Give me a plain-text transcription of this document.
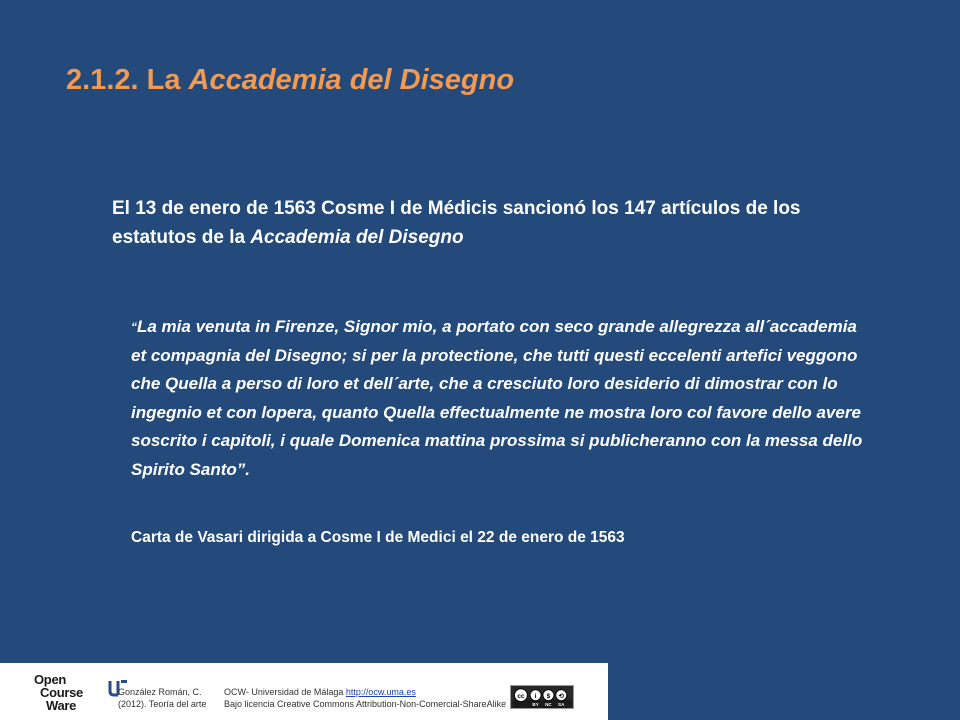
2.1.2. La Accademia del Disegno
El 13 de enero de 1563 Cosme I de Médicis sancionó los 147 artículos de los estatutos de la Accademia del Disegno
“La mia venuta in Firenze, Signor mio, a portato con seco grande allegrezza all´accademia et compagnia del Disegno; si per la protectione, che tutti questi eccelenti artefici veggono che Quella a perso di loro et dell´arte, che a cresciuto loro desiderio di dimostrar con lo ingegnio et con lopera, quanto Quella effectualmente ne mostra loro col favore dello avere soscrito i capitoli, i quale Domenica mattina prossima si publicheranno con la messa dello Spirito Santo”.
Carta de Vasari dirigida a Cosme I de Medici el 22 de enero de 1563
Open
Course
Ware
González Román, C.
(2012). Teoría del arte
OCW- Universidad de Málaga http://ocw.uma.es
Bajo licencia Creative Commons Attribution-Non-Comercial-ShareAlike
cc i $ ⟲
BY NC SA
